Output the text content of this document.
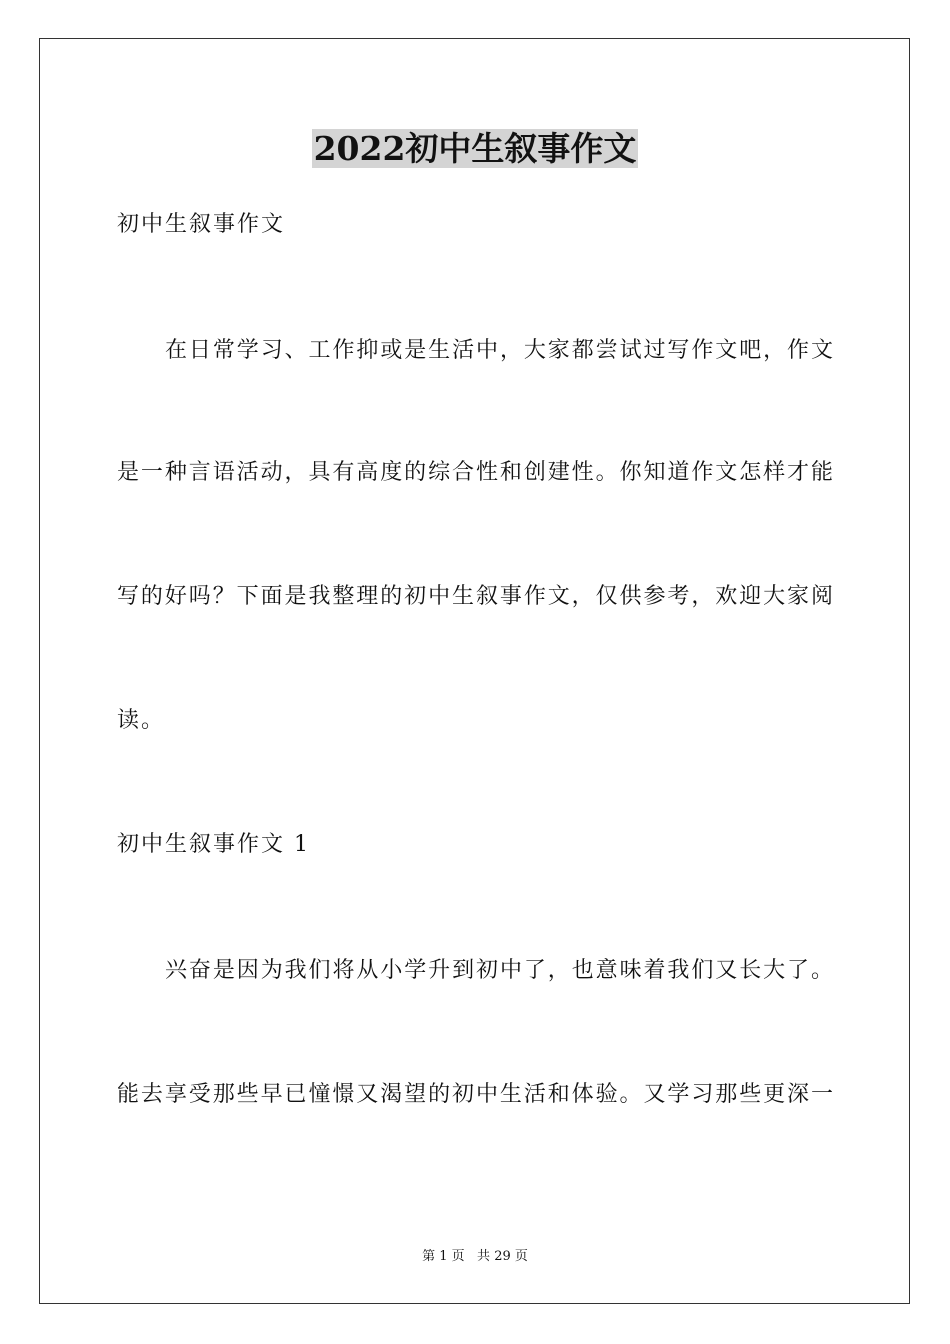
2022初中生叙事作文
初中生叙事作文
在日常学习、工作抑或是生活中，大家都尝试过写作文吧，作文
是一种言语活动，具有高度的综合性和创建性。你知道作文怎样才能
写的好吗？下面是我整理的初中生叙事作文，仅供参考，欢迎大家阅
读。
初中生叙事作文 1
兴奋是因为我们将从小学升到初中了，也意味着我们又长大了。
能去享受那些早已憧憬又渴望的初中生活和体验。又学习那些更深一
第 1 页   共 29 页
